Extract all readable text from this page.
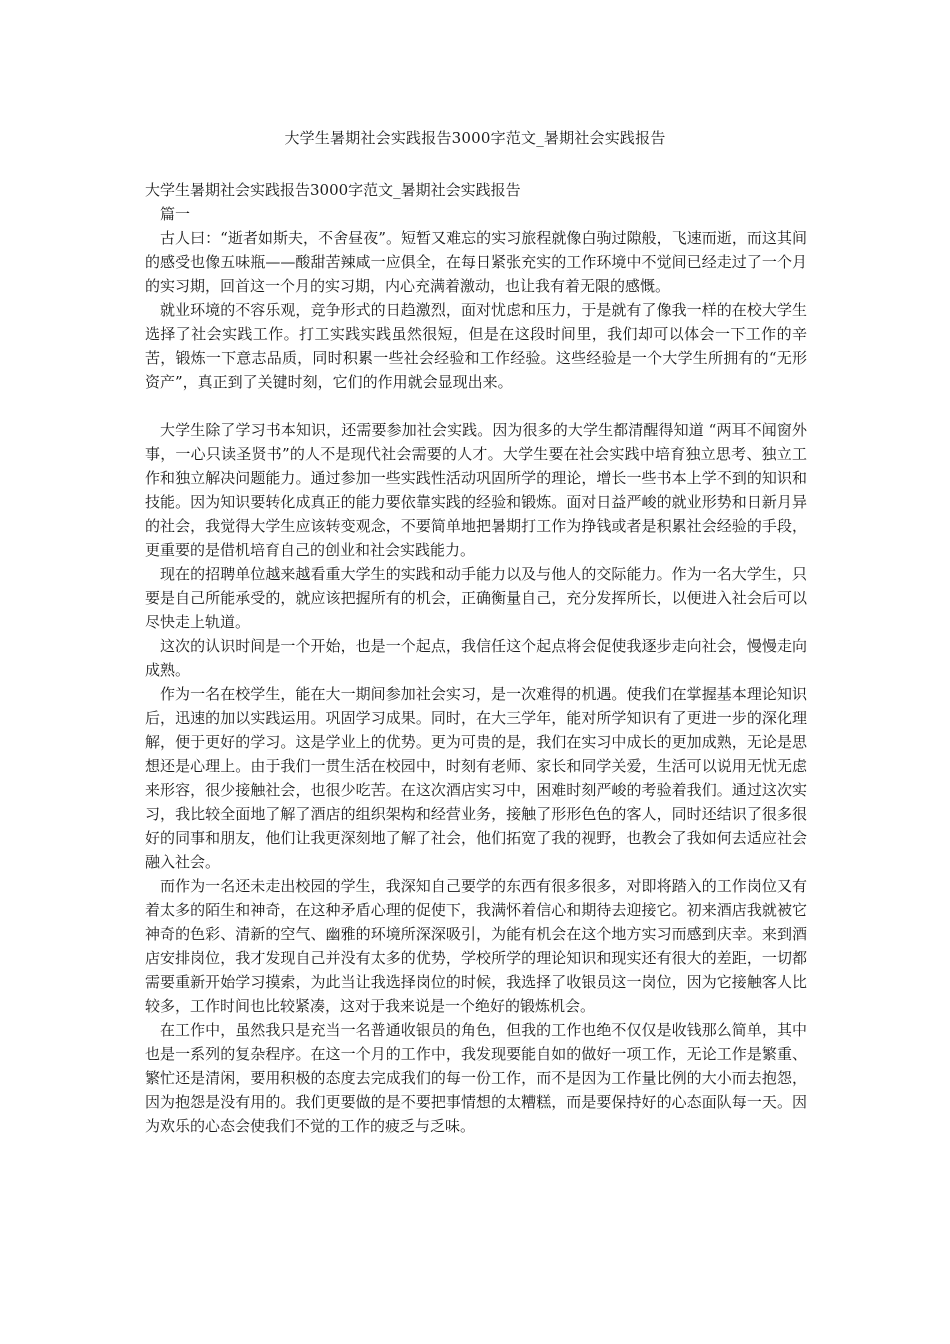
大学生暑期社会实践报告3000字范文_暑期社会实践报告

大学生暑期社会实践报告3000字范文_暑期社会实践报告

篇一

古人曰：“逝者如斯夫，不舍昼夜”。短暂又难忘的实习旅程就像白驹过隙般，飞速而逝，而这其间的感受也像五味瓶——酸甜苦辣咸一应俱全，在每日紧张充实的工作环境中不觉间已经走过了一个月的实习期，回首这一个月的实习期，内心充满着激动，也让我有着无限的感慨。

就业环境的不容乐观，竞争形式的日趋激烈，面对忧虑和压力，于是就有了像我一样的在校大学生选择了社会实践工作。打工实践实践虽然很短，但是在这段时间里，我们却可以体会一下工作的辛苦，锻炼一下意志品质，同时积累一些社会经验和工作经验。这些经验是一个大学生所拥有的“无形资产”，真正到了关键时刻，它们的作用就会显现出来。

大学生除了学习书本知识，还需要参加社会实践。因为很多的大学生都清醒得知道 “两耳不闻窗外事，一心只读圣贤书”的人不是现代社会需要的人才。大学生要在社会实践中培育独立思考、独立工作和独立解决问题能力。通过参加一些实践性活动巩固所学的理论，增长一些书本上学不到的知识和技能。因为知识要转化成真正的能力要依靠实践的经验和锻炼。面对日益严峻的就业形势和日新月异的社会，我觉得大学生应该转变观念，不要简单地把暑期打工作为挣钱或者是积累社会经验的手段，更重要的是借机培育自己的创业和社会实践能力。

现在的招聘单位越来越看重大学生的实践和动手能力以及与他人的交际能力。作为一名大学生，只要是自己所能承受的，就应该把握所有的机会，正确衡量自己，充分发挥所长，以便进入社会后可以尽快走上轨道。

这次的认识时间是一个开始，也是一个起点，我信任这个起点将会促使我逐步走向社会，慢慢走向成熟。

作为一名在校学生，能在大一期间参加社会实习，是一次难得的机遇。使我们在掌握基本理论知识后，迅速的加以实践运用。巩固学习成果。同时，在大三学年，能对所学知识有了更进一步的深化理解，便于更好的学习。这是学业上的优势。更为可贵的是，我们在实习中成长的更加成熟，无论是思想还是心理上。由于我们一贯生活在校园中，时刻有老师、家长和同学关爱，生活可以说用无忧无虑来形容，很少接触社会，也很少吃苦。在这次酒店实习中，困难时刻严峻的考验着我们。通过这次实习，我比较全面地了解了酒店的组织架构和经营业务，接触了形形色色的客人，同时还结识了很多很好的同事和朋友，他们让我更深刻地了解了社会，他们拓宽了我的视野，也教会了我如何去适应社会融入社会。

而作为一名还未走出校园的学生，我深知自己要学的东西有很多很多，对即将踏入的工作岗位又有着太多的陌生和神奇，在这种矛盾心理的促使下，我满怀着信心和期待去迎接它。初来酒店我就被它神奇的色彩、清新的空气、幽雅的环境所深深吸引，为能有机会在这个地方实习而感到庆幸。来到酒店安排岗位，我才发现自己并没有太多的优势，学校所学的理论知识和现实还有很大的差距，一切都需要重新开始学习摸索，为此当让我选择岗位的时候，我选择了收银员这一岗位，因为它接触客人比较多，工作时间也比较紧凑，这对于我来说是一个绝好的锻炼机会。

在工作中，虽然我只是充当一名普通收银员的角色，但我的工作也绝不仅仅是收钱那么简单，其中也是一系列的复杂程序。在这一个月的工作中，我发现要能自如的做好一项工作，无论工作是繁重、繁忙还是清闲，要用积极的态度去完成我们的每一份工作，而不是因为工作量比例的大小而去抱怨，因为抱怨是没有用的。我们更要做的是不要把事情想的太糟糕，而是要保持好的心态面队每一天。因为欢乐的心态会使我们不觉的工作的疲乏与乏味。
